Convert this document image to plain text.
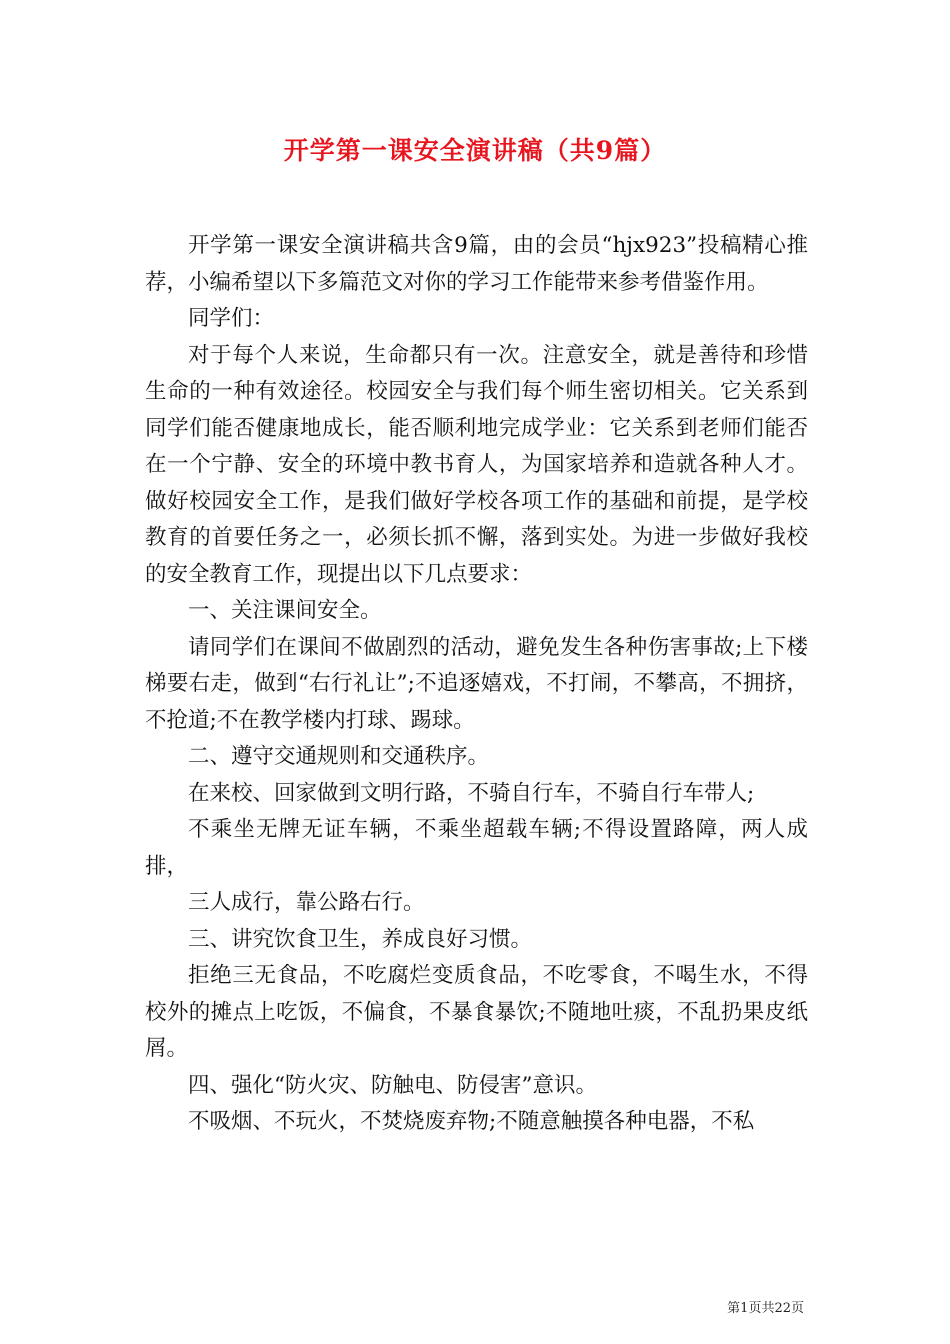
开学第一课安全演讲稿（共9篇）

开学第一课安全演讲稿共含9篇，由的会员“hjx923”投稿精心推荐，小编希望以下多篇范文对你的学习工作能带来参考借鉴作用。

同学们：

对于每个人来说，生命都只有一次。注意安全，就是善待和珍惜生命的一种有效途径。校园安全与我们每个师生密切相关。它关系到同学们能否健康地成长，能否顺利地完成学业：它关系到老师们能否在一个宁静、安全的环境中教书育人，为国家培养和造就各种人才。做好校园安全工作，是我们做好学校各项工作的基础和前提，是学校教育的首要任务之一，必须长抓不懈，落到实处。为进一步做好我校的安全教育工作，现提出以下几点要求：

一、关注课间安全。

请同学们在课间不做剧烈的活动，避免发生各种伤害事故;上下楼梯要右走，做到“右行礼让”;不追逐嬉戏，不打闹，不攀高，不拥挤，不抢道;不在教学楼内打球、踢球。

二、遵守交通规则和交通秩序。

在来校、回家做到文明行路，不骑自行车，不骑自行车带人;

不乘坐无牌无证车辆，不乘坐超载车辆;不得设置路障，两人成排，

三人成行，靠公路右行。

三、讲究饮食卫生，养成良好习惯。

拒绝三无食品，不吃腐烂变质食品，不吃零食，不喝生水，不得校外的摊点上吃饭，不偏食，不暴食暴饮;不随地吐痰，不乱扔果皮纸屑。

四、强化“防火灾、防触电、防侵害”意识。

不吸烟、不玩火，不焚烧废弃物;不随意触摸各种电器，不私

第1页共22页
